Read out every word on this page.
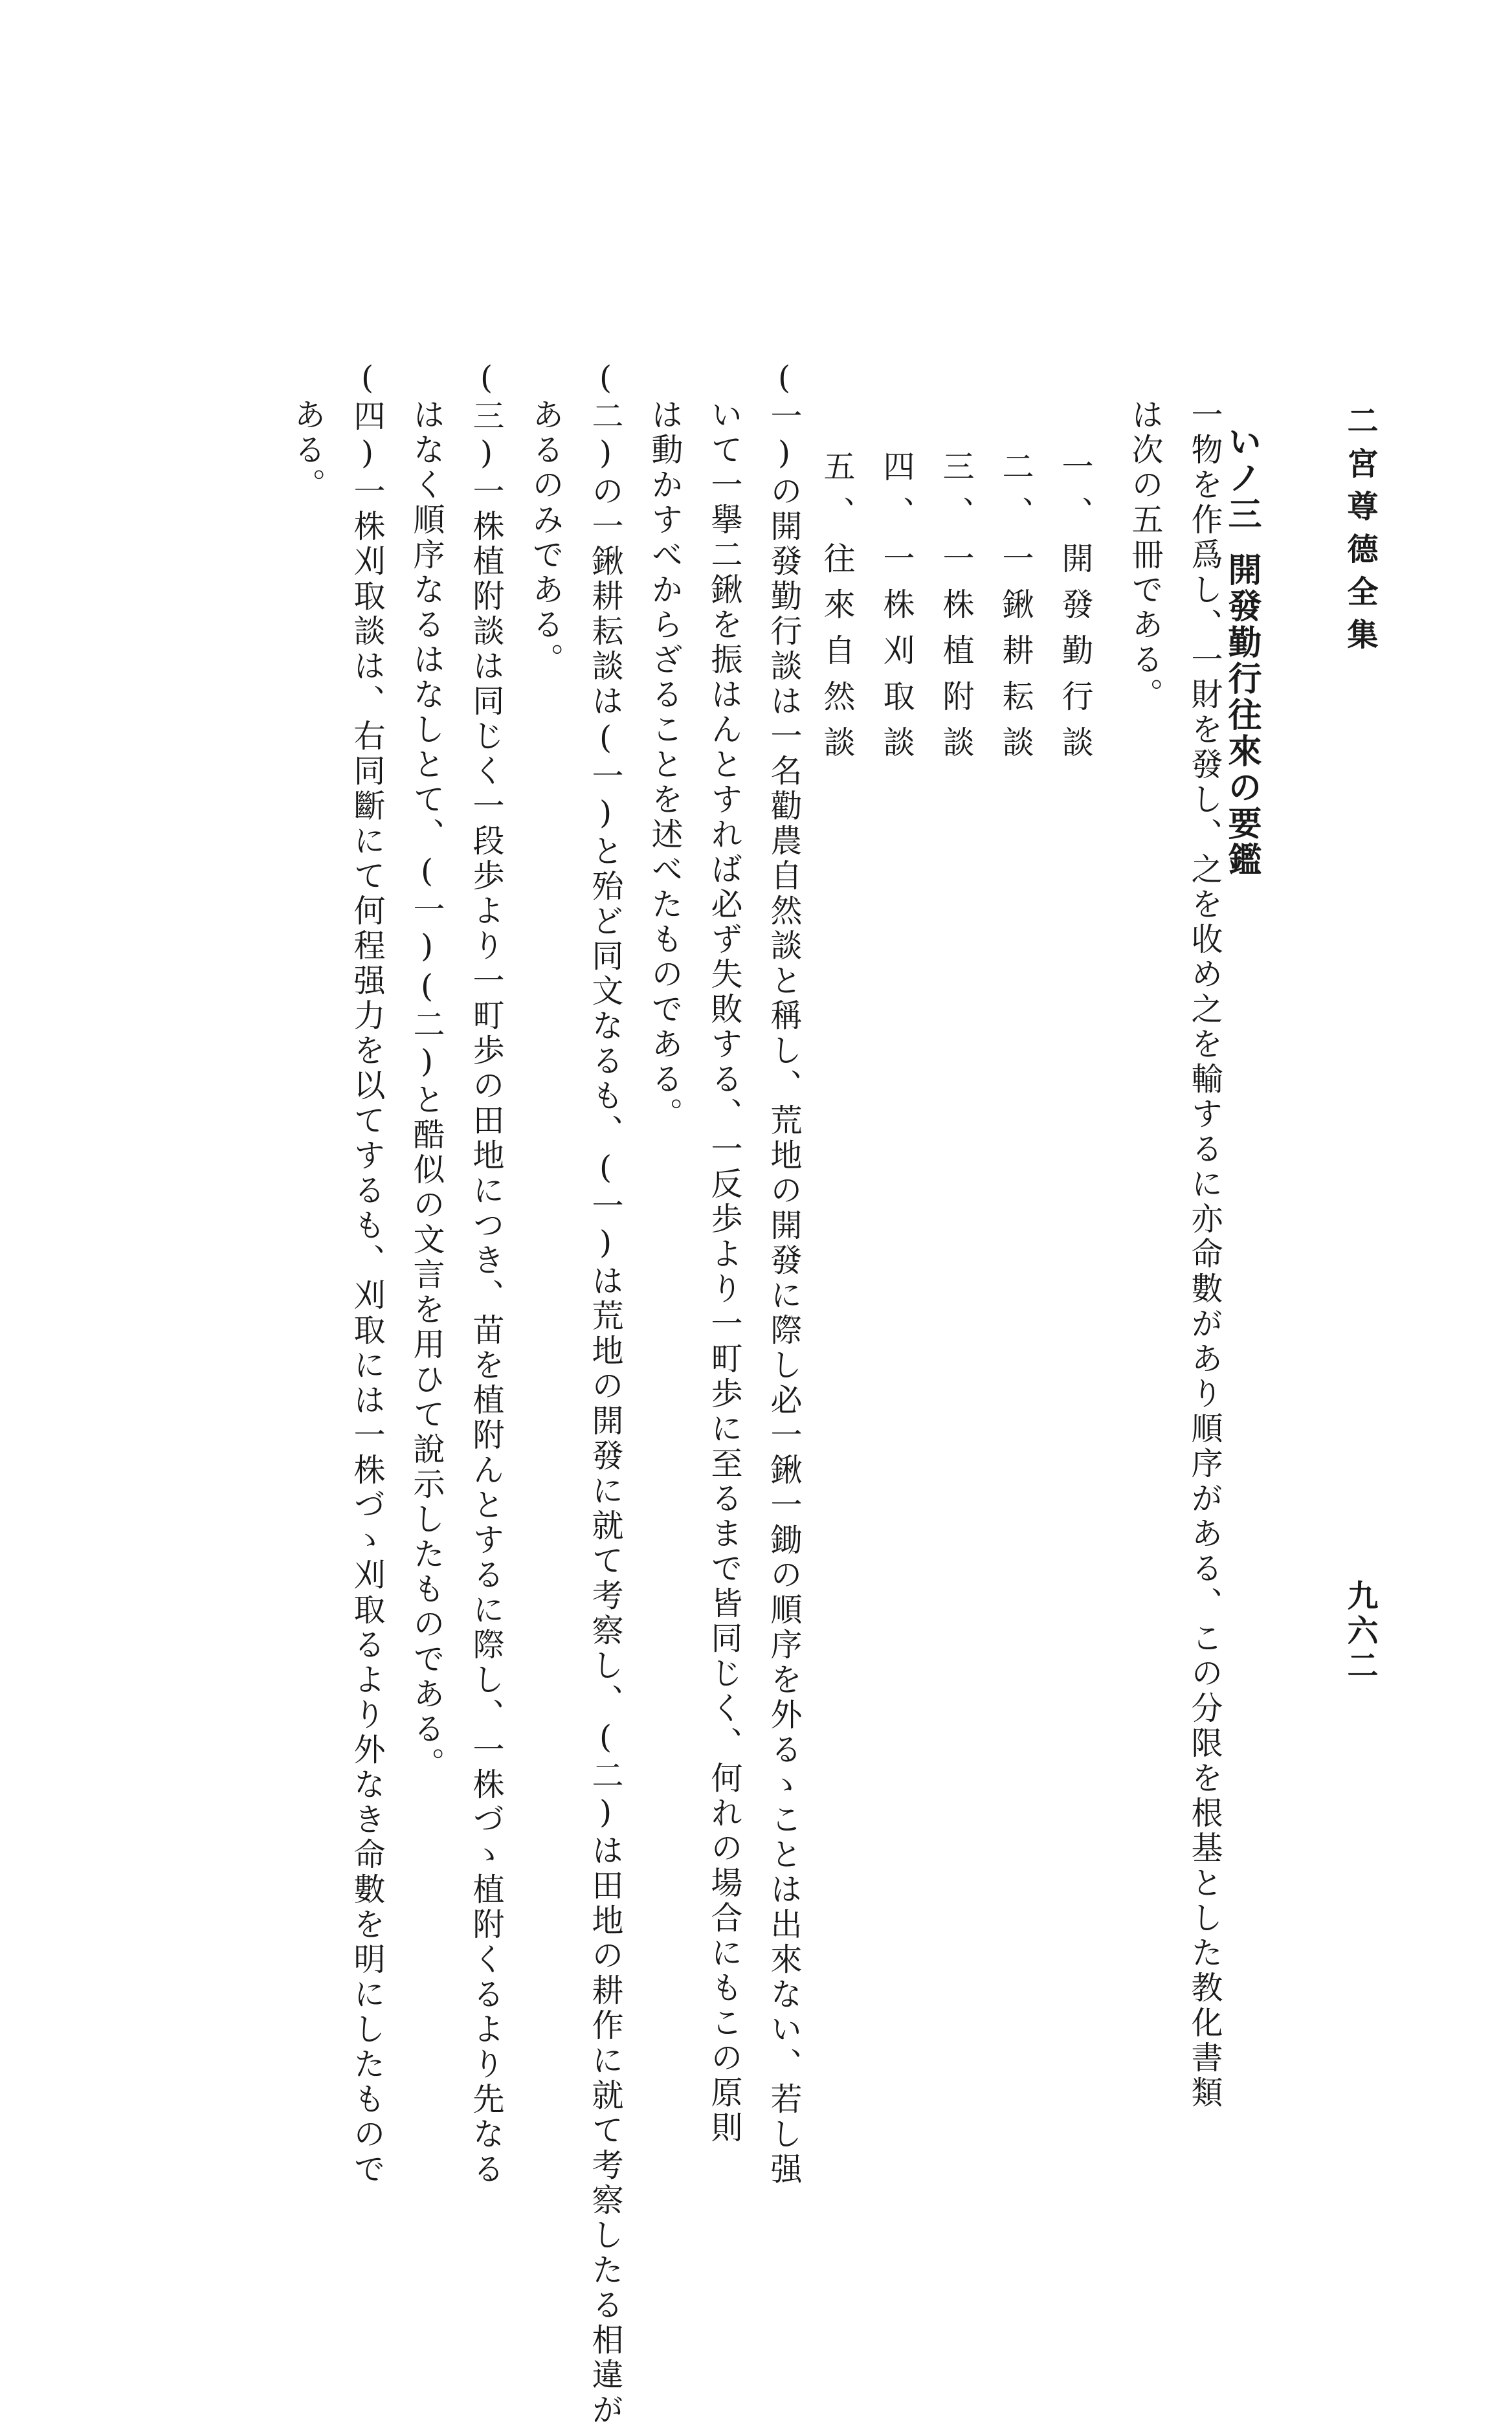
二宮尊德全集
九六二
いノ三開發勤行往來の要鑑
一物を作爲し、一財を發し、之を收め之を輸するに亦命數があり順序がある、この分限を根基とした教化書類
は次の五冊である。
一、開發勤行談
二、一鍬耕耘談
三、一株植附談
四、一株刈取談
五、往來自然談
(一)の開發勤行談は一名勸農自然談と稱し、荒地の開發に際し必一鍬一鋤の順序を外るゝことは出來ない、若し强
いて一擧二鍬を振はんとすれば必ず失敗する、一反歩より一町歩に至るまで皆同じく、何れの場合にもこの原則
は動かすべからざることを述べたものである。
(二)の一鍬耕耘談は(一)と殆ど同文なるも、(一)は荒地の開發に就て考察し、(二)は田地の耕作に就て考察したる相違が
あるのみである。
(三)一株植附談は同じく一段歩より一町歩の田地につき、苗を植附んとするに際し、一株づゝ植附くるより先なる
はなく順序なるはなしとて、(一)(二)と酷似の文言を用ひて說示したものである。
(四)一株刈取談は、右同斷にて何程强力を以てするも、刈取には一株づゝ刈取るより外なき命數を明にしたもので
ある。
